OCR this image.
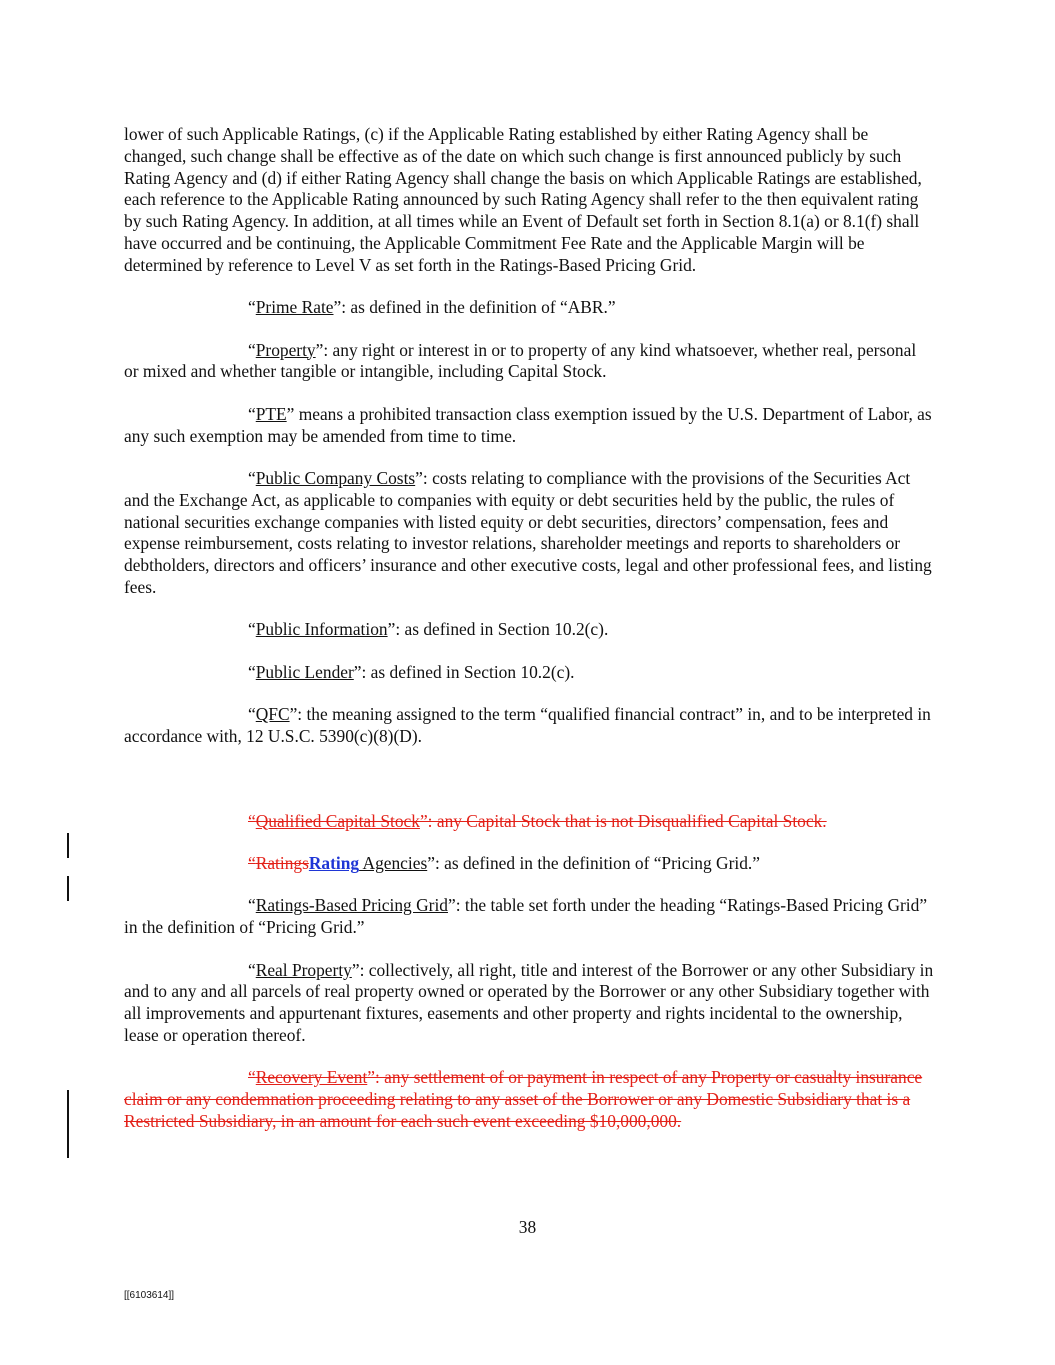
lower of such Applicable Ratings, (c) if the Applicable Rating established by either Rating Agency shall be changed, such change shall be effective as of the date on which such change is first announced publicly by such Rating Agency and (d) if either Rating Agency shall change the basis on which Applicable Ratings are established, each reference to the Applicable Rating announced by such Rating Agency shall refer to the then equivalent rating by such Rating Agency. In addition, at all times while an Event of Default set forth in Section 8.1(a) or 8.1(f) shall have occurred and be continuing, the Applicable Commitment Fee Rate and the Applicable Margin will be determined by reference to Level V as set forth in the Ratings-Based Pricing Grid.

“Prime Rate”: as defined in the definition of “ABR.”

“Property”: any right or interest in or to property of any kind whatsoever, whether real, personal or mixed and whether tangible or intangible, including Capital Stock.

“PTE” means a prohibited transaction class exemption issued by the U.S. Department of Labor, as any such exemption may be amended from time to time.

“Public Company Costs”: costs relating to compliance with the provisions of the Securities Act and the Exchange Act, as applicable to companies with equity or debt securities held by the public, the rules of national securities exchange companies with listed equity or debt securities, directors’ compensation, fees and expense reimbursement, costs relating to investor relations, shareholder meetings and reports to shareholders or debtholders, directors and officers’ insurance and other executive costs, legal and other professional fees, and listing fees.

“Public Information”: as defined in Section 10.2(c).

“Public Lender”: as defined in Section 10.2(c).

“QFC”: the meaning assigned to the term “qualified financial contract” in, and to be interpreted in accordance with, 12 U.S.C. 5390(c)(8)(D).

“Qualified Capital Stock”: any Capital Stock that is not Disqualified Capital Stock.

“RatingsRating Agencies”: as defined in the definition of “Pricing Grid.”

“Ratings-Based Pricing Grid”: the table set forth under the heading “Ratings-Based Pricing Grid” in the definition of “Pricing Grid.”

“Real Property”: collectively, all right, title and interest of the Borrower or any other Subsidiary in and to any and all parcels of real property owned or operated by the Borrower or any other Subsidiary together with all improvements and appurtenant fixtures, easements and other property and rights incidental to the ownership, lease or operation thereof.

“Recovery Event”: any settlement of or payment in respect of any Property or casualty insurance claim or any condemnation proceeding relating to any asset of the Borrower or any Domestic Subsidiary that is a Restricted Subsidiary, in an amount for each such event exceeding $10,000,000.

38
[[6103614]]
